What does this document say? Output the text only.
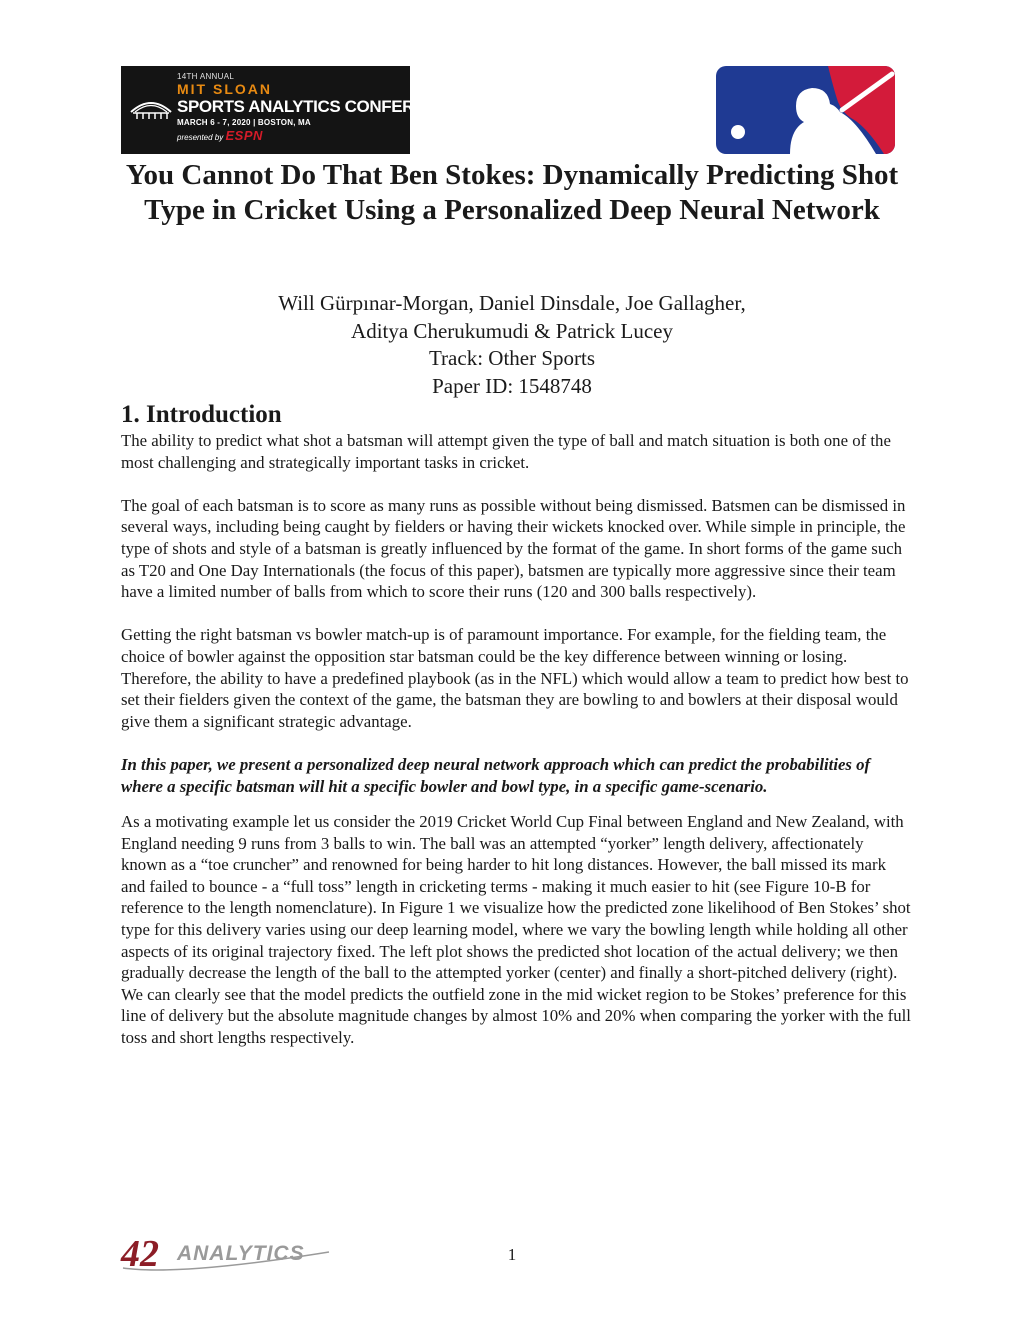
14TH ANNUAL
MIT SLOAN
SPORTS ANALYTICS CONFERENCE
MARCH 6 - 7, 2020 | BOSTON, MA
presented by ESPN
You Cannot Do That Ben Stokes: Dynamically Predicting Shot Type in Cricket Using a Personalized Deep Neural Network
Will Gürpınar-Morgan, Daniel Dinsdale, Joe Gallagher,
Aditya Cherukumudi & Patrick Lucey
Track: Other Sports
Paper ID: 1548748
1. Introduction

The ability to predict what shot a batsman will attempt given the type of ball and match situation is both one of the most challenging and strategically important tasks in cricket.

The goal of each batsman is to score as many runs as possible without being dismissed. Batsmen can be dismissed in several ways, including being caught by fielders or having their wickets knocked over. While simple in principle, the type of shots and style of a batsman is greatly influenced by the format of the game. In short forms of the game such as T20 and One Day Internationals (the focus of this paper), batsmen are typically more aggressive since their team have a limited number of balls from which to score their runs (120 and 300 balls respectively).

Getting the right batsman vs bowler match-up is of paramount importance. For example, for the fielding team, the choice of bowler against the opposition star batsman could be the key difference between winning or losing. Therefore, the ability to have a predefined playbook (as in the NFL) which would allow a team to predict how best to set their fielders given the context of the game, the batsman they are bowling to and bowlers at their disposal would give them a significant strategic advantage.

In this paper, we present a personalized deep neural network approach which can predict the probabilities of where a specific batsman will hit a specific bowler and bowl type, in a specific game-scenario.

As a motivating example let us consider the 2019 Cricket World Cup Final between England and New Zealand, with England needing 9 runs from 3 balls to win. The ball was an attempted “yorker” length delivery, affectionately known as a “toe cruncher” and renowned for being harder to hit long distances. However, the ball missed its mark and failed to bounce - a “full toss” length in cricketing terms - making it much easier to hit (see Figure 10-B for reference to the length nomenclature). In Figure 1 we visualize how the predicted zone likelihood of Ben Stokes’ shot type for this delivery varies using our deep learning model, where we vary the bowling length while holding all other aspects of its original trajectory fixed. The left plot shows the predicted shot location of the actual delivery; we then gradually decrease the length of the ball to the attempted yorker (center) and finally a short-pitched delivery (right). We can clearly see that the model predicts the outfield zone in the mid wicket region to be Stokes’ preference for this line of delivery but the absolute magnitude changes by almost 10% and 20% when comparing the yorker with the full toss and short lengths respectively.

42 ANALYTICS	1
